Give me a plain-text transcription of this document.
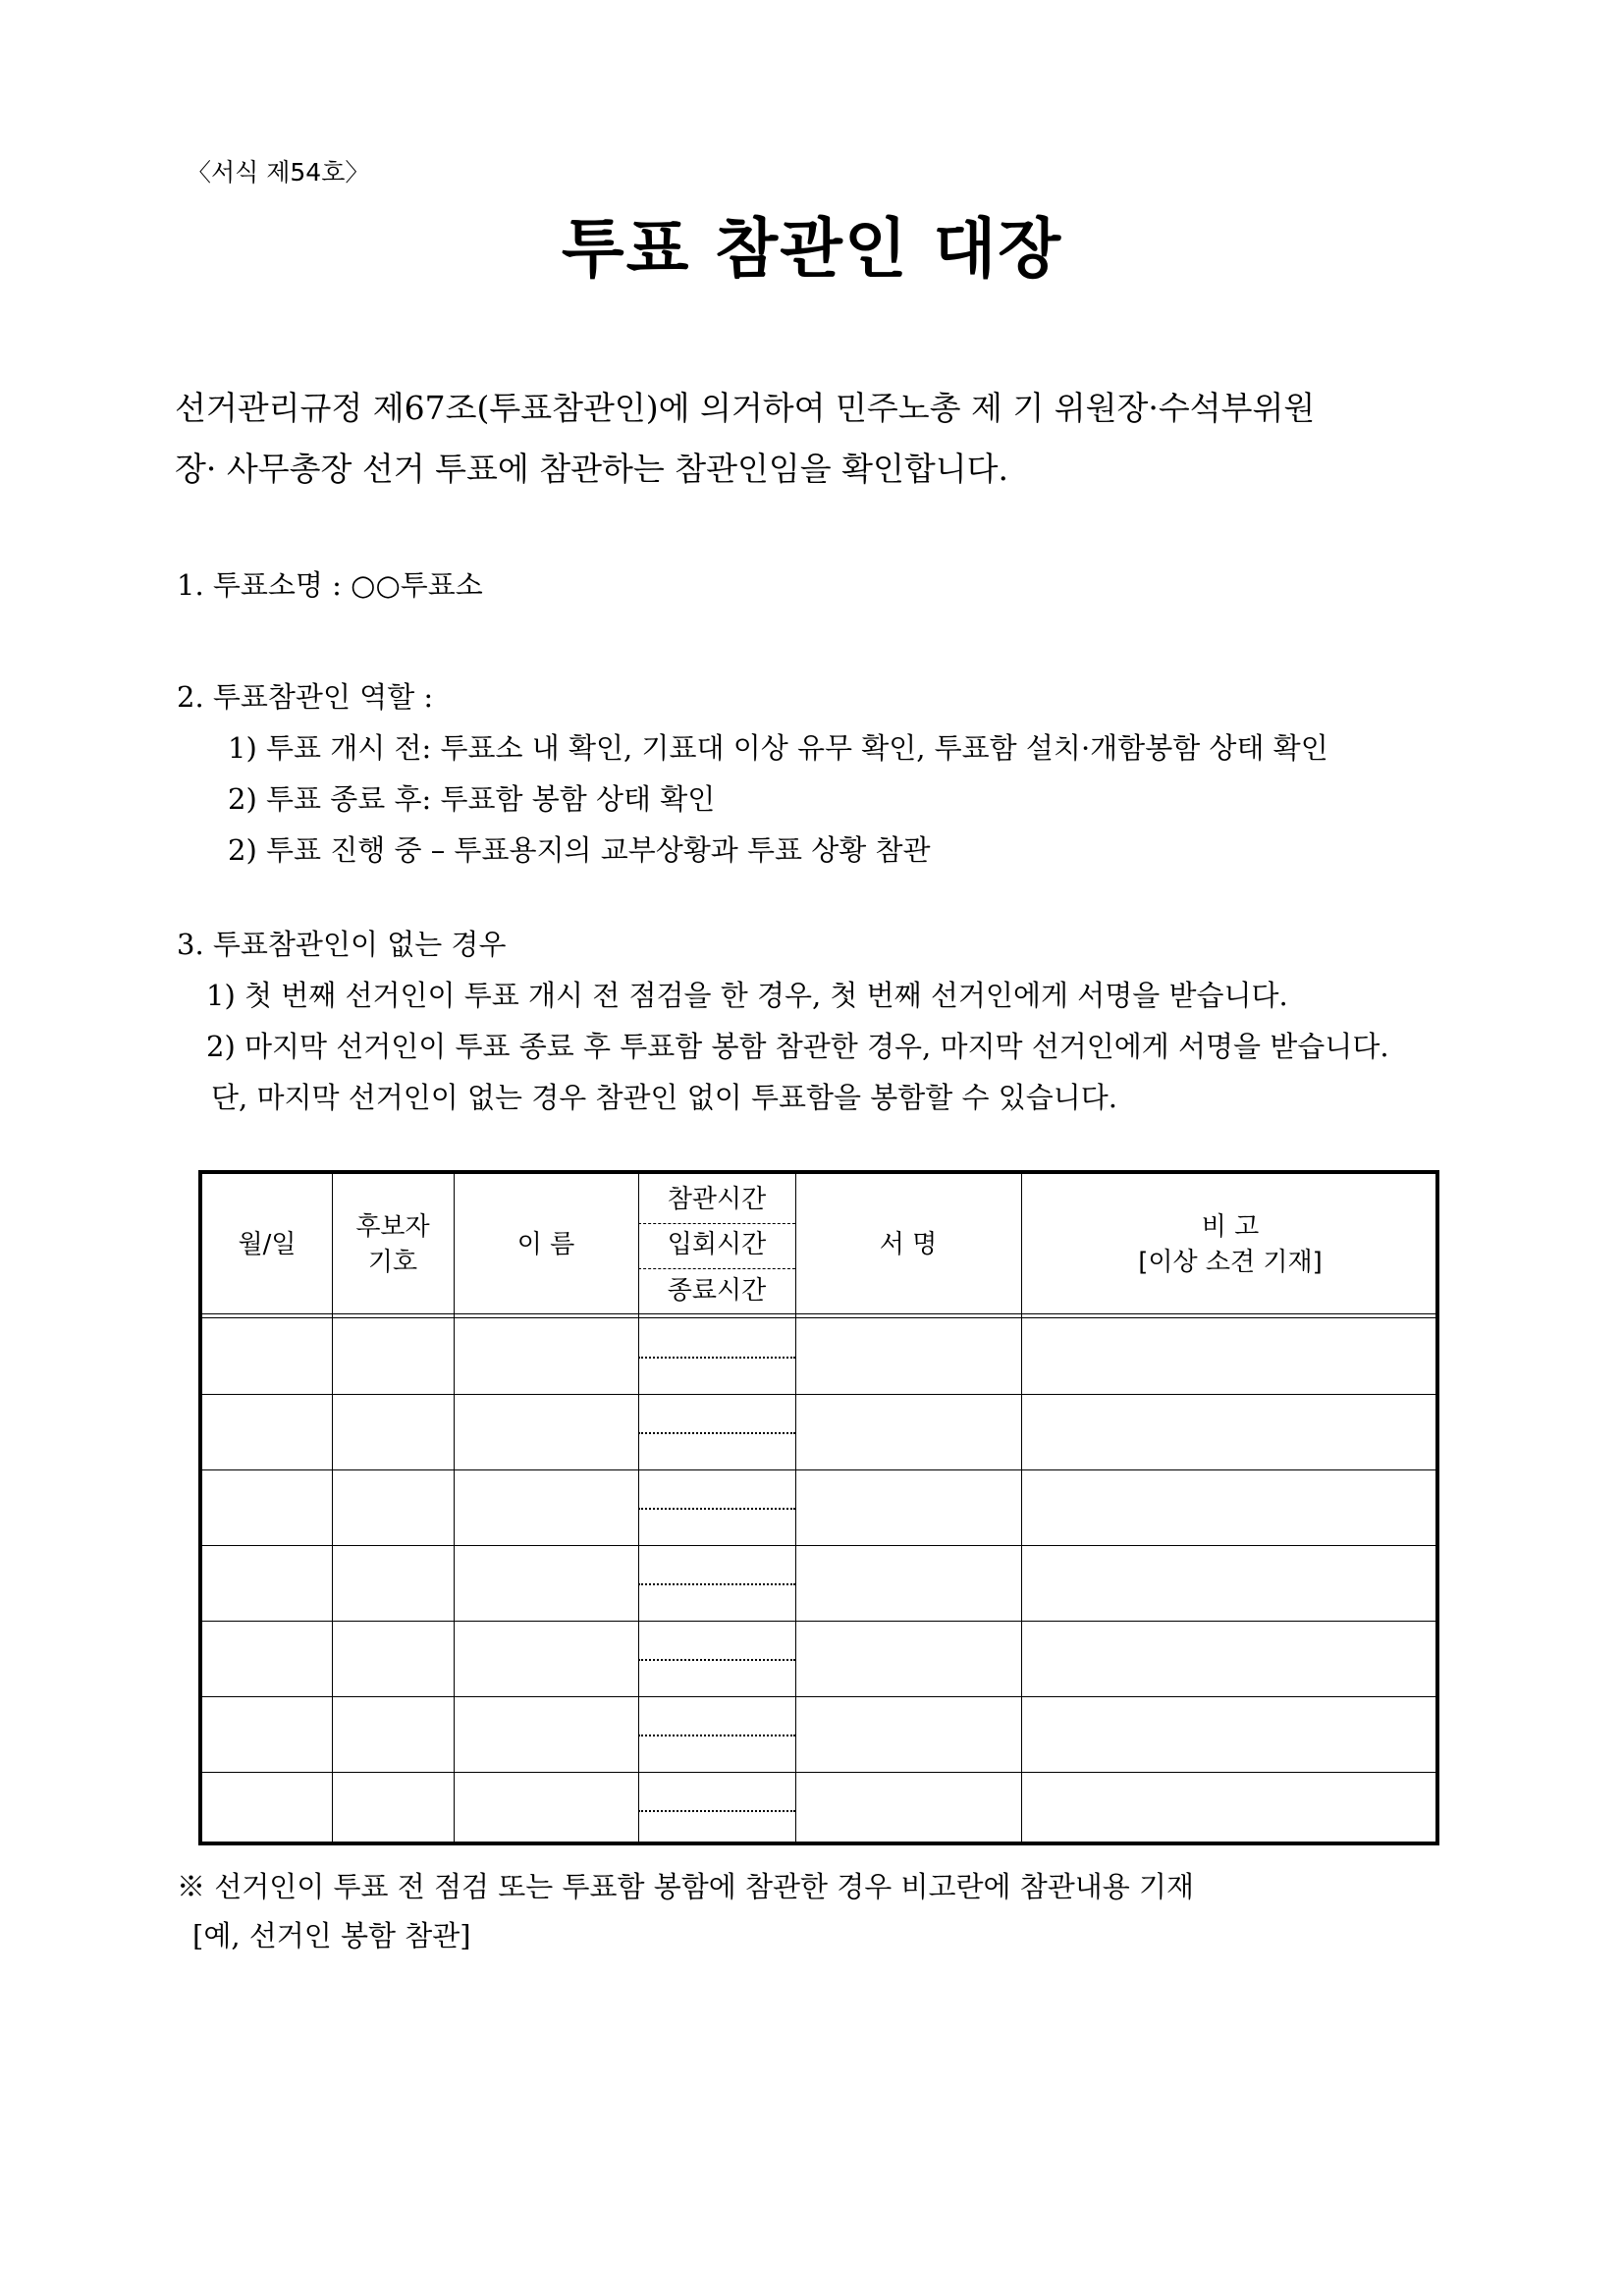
〈서식 제54호〉
투표 참관인 대장

선거관리규정 제67조(투표참관인)에 의거하여 민주노총 제 기 위원장·수석부위원

장· 사무총장 선거 투표에 참관하는 참관인임을 확인합니다.

1. 투표소명 : ○○투표소
2. 투표참관인 역할 :
1) 투표 개시 전: 투표소 내 확인, 기표대 이상 유무 확인, 투표함 설치·개함봉함 상태 확인
2) 투표 종료 후: 투표함 봉함 상태 확인
2) 투표 진행 중 – 투표용지의 교부상황과 투표 상황 참관
3. 투표참관인이 없는 경우
1) 첫 번째 선거인이 투표 개시 전 점검을 한 경우, 첫 번째 선거인에게 서명을 받습니다.
2) 마지막 선거인이 투표 종료 후 투표함 봉함 참관한 경우, 마지막 선거인에게 서명을 받습니다.
단, 마지막 선거인이 없는 경우 참관인 없이 투표함을 봉함할 수 있습니다.
월/일
후보자
기호
이 름
참관시간
입회시간
종료시간
서 명
비 고
[이상 소견 기재]
※ 선거인이 투표 전 점검 또는 투표함 봉함에 참관한 경우 비고란에 참관내용 기재
[예, 선거인 봉함 참관]
